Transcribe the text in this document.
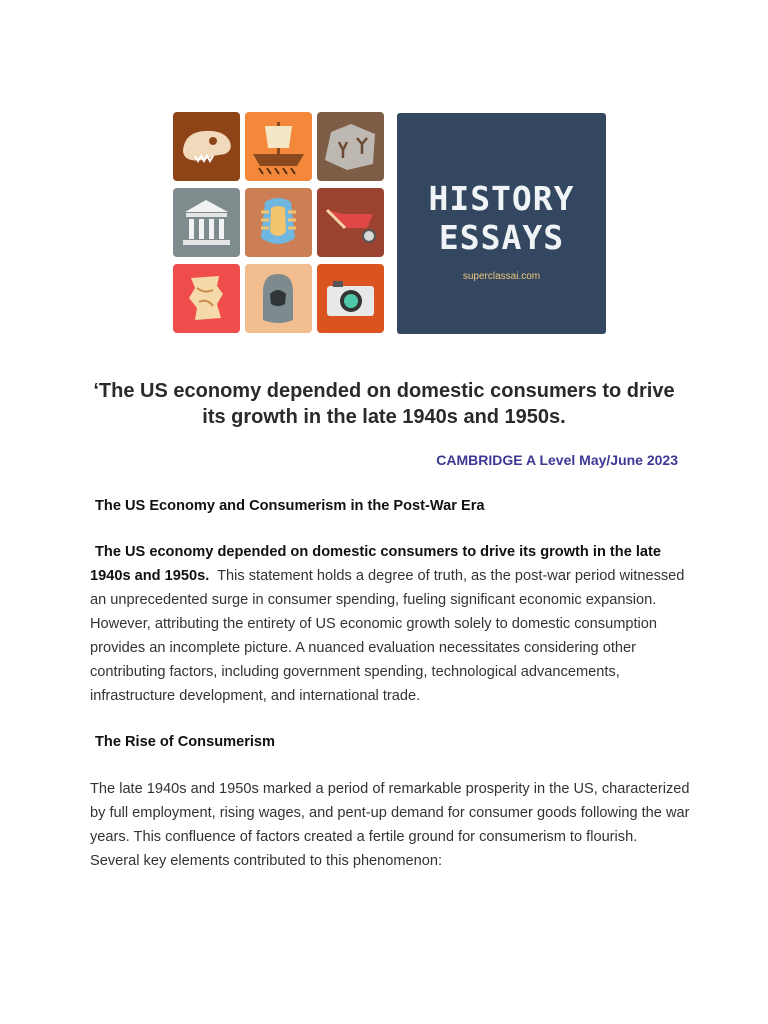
HISTORY
ESSAYS
superclassai.com
‘The US economy depended on domestic consumers to drive its growth in the late 1940s and 1950s.
CAMBRIDGE A Level May/June 2023
The US Economy and Consumerism in the Post-War Era
The US economy depended on domestic consumers to drive its growth in the late 1940s and 1950s. This statement holds a degree of truth, as the post-war period witnessed an unprecedented surge in consumer spending, fueling significant economic expansion. However, attributing the entirety of US economic growth solely to domestic consumption provides an incomplete picture. A nuanced evaluation necessitates considering other contributing factors, including government spending, technological advancements, infrastructure development, and international trade.
The Rise of Consumerism
The late 1940s and 1950s marked a period of remarkable prosperity in the US, characterized by full employment, rising wages, and pent-up demand for consumer goods following the war years. This confluence of factors created a fertile ground for consumerism to flourish. Several key elements contributed to this phenomenon:
